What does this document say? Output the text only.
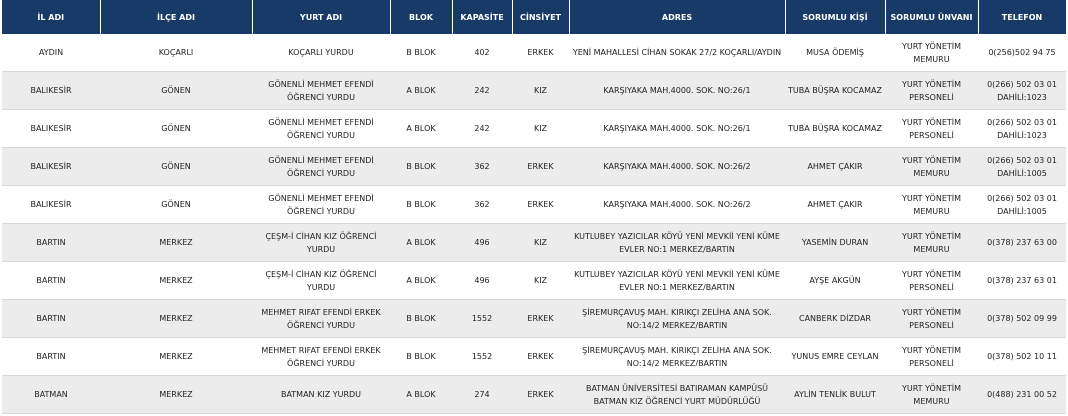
İL ADI	İLÇE ADI	YURT ADI	BLOK	KAPASİTE	CİNSİYET	ADRES	SORUMLU KİŞİ	SORUMLU ÜNVANI	TELEFON
AYDIN	KOÇARLI	KOÇARLI YURDU	B BLOK	402	ERKEK	YENİ MAHALLESİ CİHAN SOKAK 27/2 KOÇARLI/AYDIN	MUSA ÖDEMİŞ	YURT YÖNETİM MEMURU	0(256)502 94 75
BALIKESİR	GÖNEN	GÖNENLİ MEHMET EFENDİ ÖĞRENCİ YURDU	A BLOK	242	KIZ	KARŞIYAKA MAH.4000. SOK. NO:26/1	TUBA BÜŞRA KOCAMAZ	YURT YÖNETİM PERSONELİ	0(266) 502 03 01 DAHİLİ:1023
BALIKESİR	GÖNEN	GÖNENLİ MEHMET EFENDİ ÖĞRENCİ YURDU	A BLOK	242	KIZ	KARŞIYAKA MAH.4000. SOK. NO:26/1	TUBA BÜŞRA KOCAMAZ	YURT YÖNETİM PERSONELİ	0(266) 502 03 01 DAHİLİ:1023
BALIKESİR	GÖNEN	GÖNENLİ MEHMET EFENDİ ÖĞRENCİ YURDU	B BLOK	362	ERKEK	KARŞIYAKA MAH.4000. SOK. NO:26/2	AHMET ÇAKIR	YURT YÖNETİM MEMURU	0(266) 502 03 01 DAHİLİ:1005
BALIKESİR	GÖNEN	GÖNENLİ MEHMET EFENDİ ÖĞRENCİ YURDU	B BLOK	362	ERKEK	KARŞIYAKA MAH.4000. SOK. NO:26/2	AHMET ÇAKIR	YURT YÖNETİM MEMURU	0(266) 502 03 01 DAHİLİ:1005
BARTIN	MERKEZ	ÇEŞM-İ CİHAN KIZ ÖĞRENCİ YURDU	A BLOK	496	KIZ	KUTLUBEY YAZICILAR KÖYÜ YENİ MEVKİİ YENİ KÜME EVLER NO:1 MERKEZ/BARTIN	YASEMİN DURAN	YURT YÖNETİM MEMURU	0(378) 237 63 00
BARTIN	MERKEZ	ÇEŞM-İ CİHAN KIZ ÖĞRENCİ YURDU	A BLOK	496	KIZ	KUTLUBEY YAZICILAR KÖYÜ YENİ MEVKİİ YENİ KÜME EVLER NO:1 MERKEZ/BARTIN	AYŞE AKGÜN	YURT YÖNETİM PERSONELİ	0(378) 237 63 01
BARTIN	MERKEZ	MEHMET RIFAT EFENDİ ERKEK ÖĞRENCİ YURDU	B BLOK	1552	ERKEK	ŞİREMURÇAVUŞ MAH. KIRIKÇI ZELİHA ANA SOK. NO:14/2 MERKEZ/BARTIN	CANBERK DİZDAR	YURT YÖNETİM PERSONELİ	0(378) 502 09 99
BARTIN	MERKEZ	MEHMET RIFAT EFENDİ ERKEK ÖĞRENCİ YURDU	B BLOK	1552	ERKEK	ŞİREMURÇAVUŞ MAH. KIRIKÇI ZELİHA ANA SOK. NO:14/2 MERKEZ/BARTIN	YUNUS EMRE CEYLAN	YURT YÖNETİM PERSONELİ	0(378) 502 10 11
BATMAN	MERKEZ	BATMAN KIZ YURDU	A BLOK	274	ERKEK	BATMAN ÜNİVERSİTESİ BATIRAMAN KAMPÜSÜ BATMAN KIZ ÖĞRENCİ YURT MÜDÜRLÜĞÜ	AYLİN TENLİK BULUT	YURT YÖNETİM MEMURU	0(488) 231 00 52
